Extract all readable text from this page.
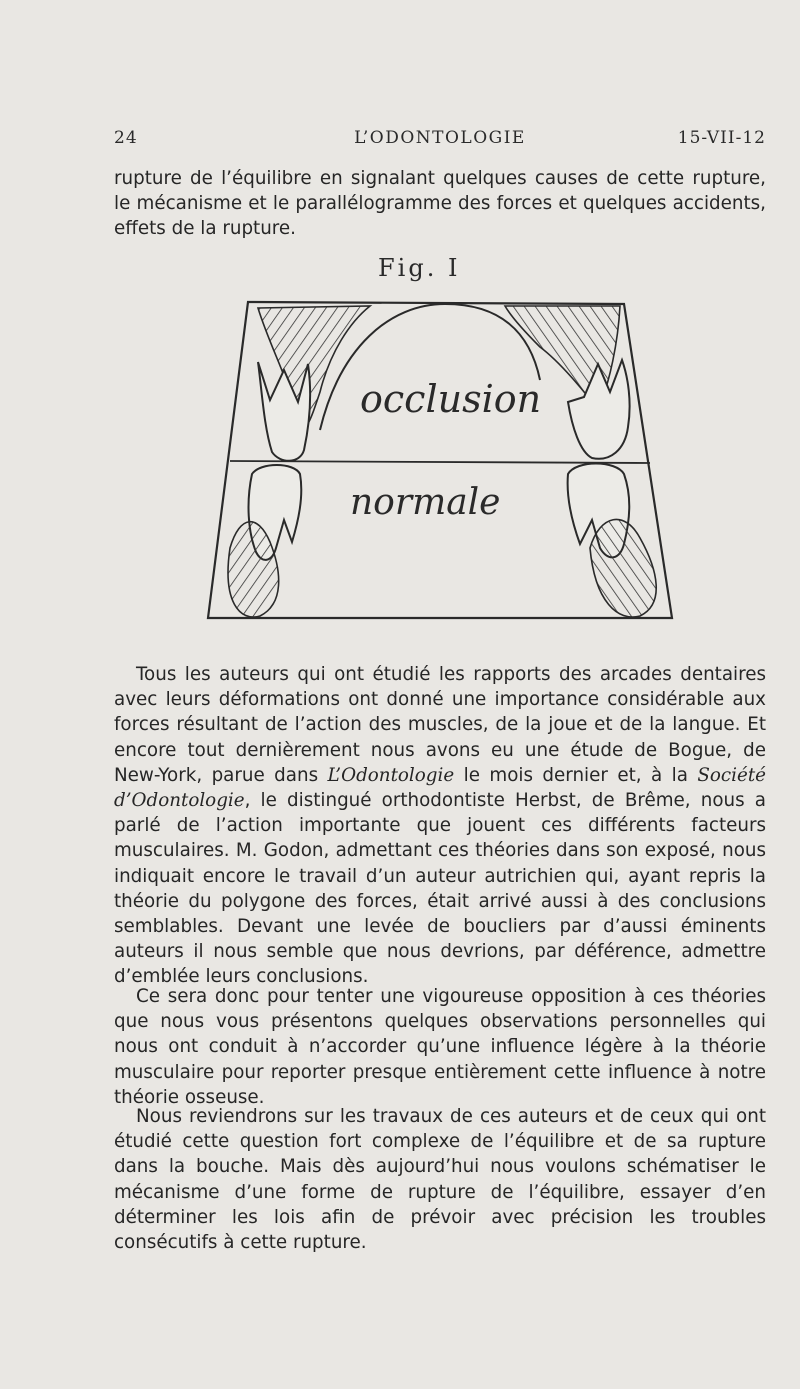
24	L’ODONTOLOGIE	15-VII-12

rupture de l’équilibre en signalant quelques causes de cette rupture, le mécanisme et le parallélogramme des forces et quelques accidents, effets de la rupture.

Fig. I
occlusion
normale

Tous les auteurs qui ont étudié les rapports des arcades dentaires avec leurs déformations ont donné une importance considérable aux forces résultant de l’action des muscles, de la joue et de la langue. Et encore tout dernièrement nous avons eu une étude de Bogue, de New-York, parue dans L’Odontologie le mois dernier et, à la Société d’Odontologie, le distingué orthodontiste Herbst, de Brême, nous a parlé de l’action importante que jouent ces différents facteurs musculaires. M. Godon, admettant ces théories dans son exposé, nous indiquait encore le travail d’un auteur autrichien qui, ayant repris la théorie du polygone des forces, était arrivé aussi à des conclusions semblables. Devant une levée de boucliers par d’aussi éminents auteurs il nous semble que nous devrions, par déférence, admettre d’emblée leurs conclusions.

Ce sera donc pour tenter une vigoureuse opposition à ces théories que nous vous présentons quelques observations personnelles qui nous ont conduit à n’accorder qu’une influence légère à la théorie musculaire pour reporter presque entièrement cette influence à notre théorie osseuse.

Nous reviendrons sur les travaux de ces auteurs et de ceux qui ont étudié cette question fort complexe de l’équilibre et de sa rupture dans la bouche. Mais dès aujourd’hui nous voulons schématiser le mécanisme d’une forme de rupture de l’équilibre, essayer d’en déterminer les lois afin de prévoir avec précision les troubles consécutifs à cette rupture.
